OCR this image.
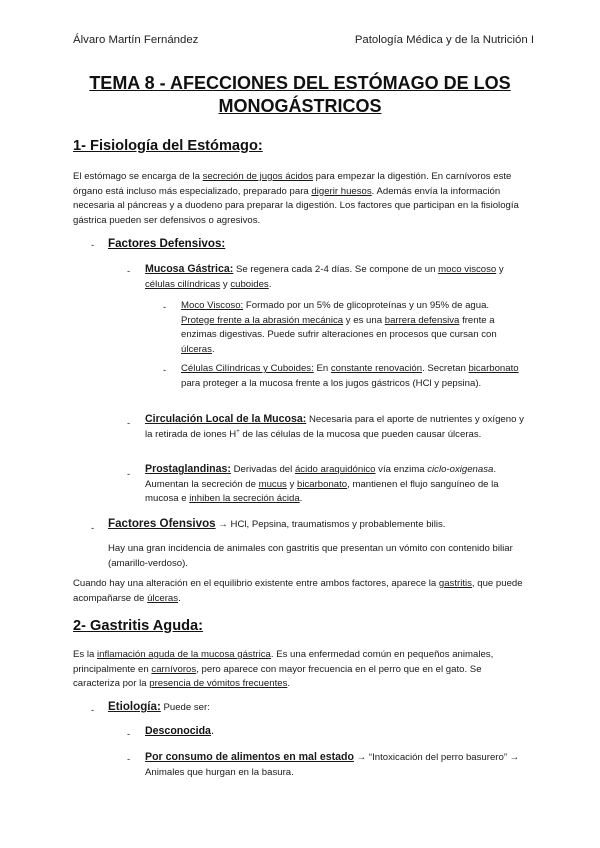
Álvaro Martín Fernández	Patología Médica y de la Nutrición I
TEMA 8 - AFECCIONES DEL ESTÓMAGO DE LOS
MONOGÁSTRICOS
1- Fisiología del Estómago:
El estómago se encarga de la secreción de jugos ácidos para empezar la digestión. En carnívoros este órgano está incluso más especializado, preparado para digerir huesos. Además envía la información necesaria al páncreas y a duodeno para preparar la digestión. Los factores que participan en la fisiología gástrica pueden ser defensivos o agresivos.
- Factores Defensivos:
- Mucosa Gástrica: Se regenera cada 2-4 días. Se compone de un moco viscoso y células cilíndricas y cuboides.
- Moco Viscoso: Formado por un 5% de glicoproteínas y un 95% de agua. Protege frente a la abrasión mecánica y es una barrera defensiva frente a enzimas digestivas. Puede sufrir alteraciones en procesos que cursan con úlceras.
- Células Cilíndricas y Cuboides: En constante renovación. Secretan bicarbonato para proteger a la mucosa frente a los jugos gástricos (HCl y pepsina).
- Circulación Local de la Mucosa: Necesaria para el aporte de nutrientes y oxígeno y la retirada de iones H+ de las células de la mucosa que pueden causar úlceras.
- Prostaglandinas: Derivadas del ácido araquidónico vía enzima ciclo-oxigenasa. Aumentan la secreción de mucus y bicarbonato, mantienen el flujo sanguíneo de la mucosa e inhiben la secreción ácida.
- Factores Ofensivos → HCl, Pepsina, traumatismos y probablemente bilis.
Hay una gran incidencia de animales con gastritis que presentan un vómito con contenido biliar (amarillo-verdoso).
Cuando hay una alteración en el equilibrio existente entre ambos factores, aparece la gastritis, que puede acompañarse de úlceras.
2- Gastritis Aguda:
Es la inflamación aguda de la mucosa gástrica. Es una enfermedad común en pequeños animales, principalmente en carnívoros, pero aparece con mayor frecuencia en el perro que en el gato. Se caracteriza por la presencia de vómitos frecuentes.
- Etiología: Puede ser:
- Desconocida.
- Por consumo de alimentos en mal estado → “Intoxicación del perro basurero” → Animales que hurgan en la basura.
